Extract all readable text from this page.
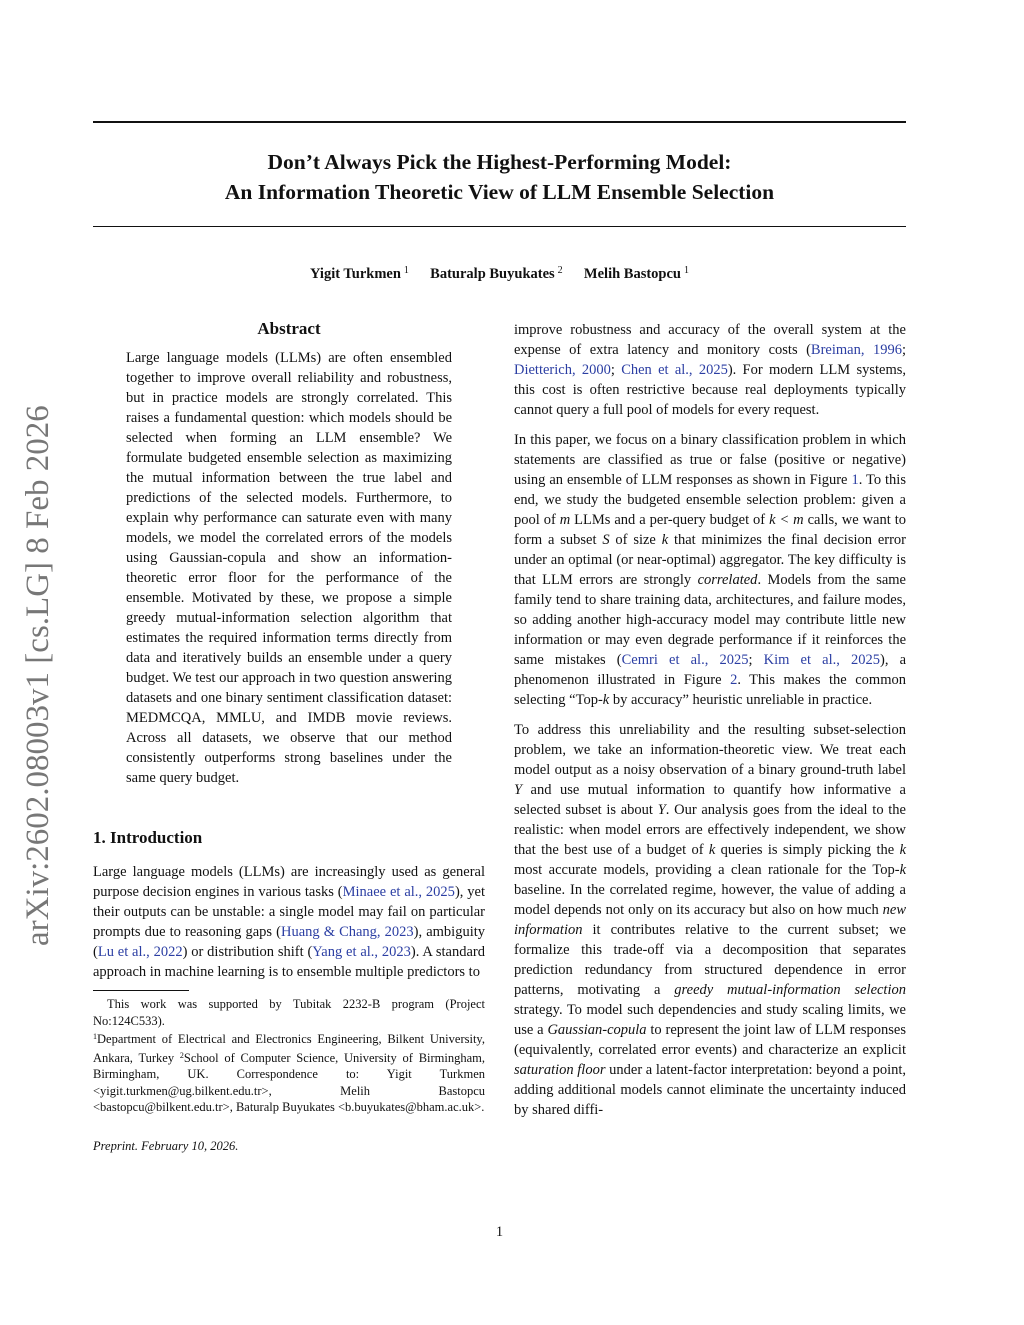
arXiv:2602.08003v1 [cs.LG] 8 Feb 2026
Don’t Always Pick the Highest-Performing Model:
An Information Theoretic View of LLM Ensemble Selection
Yigit Turkmen $^1$ Baturalp Buyukates $^2$ Melih Bastopcu $^1$
Abstract

Large language models (LLMs) are often ensembled together to improve overall reliability and robustness, but in practice models are strongly correlated. This raises a fundamental question: which models should be selected when forming an LLM ensemble? We formulate budgeted ensemble selection as maximizing the mutual information between the true label and predictions of the selected models. Furthermore, to explain why performance can saturate even with many models, we model the correlated errors of the models using Gaussian-copula and show an information-theoretic error floor for the performance of the ensemble. Motivated by these, we propose a simple greedy mutual-information selection algorithm that estimates the required information terms directly from data and iteratively builds an ensemble under a query budget. We test our approach in two question answering datasets and one binary sentiment classification dataset: MEDMCQA, MMLU, and IMDB movie reviews. Across all datasets, we observe that our method consistently outperforms strong baselines under the same query budget.

1. Introduction

Large language models (LLMs) are increasingly used as general purpose decision engines in various tasks (Minaee et al., 2025), yet their outputs can be unstable: a single model may fail on particular prompts due to reasoning gaps (Huang & Chang, 2023), ambiguity (Lu et al., 2022) or distribution shift (Yang et al., 2023). A standard approach in machine learning is to ensemble multiple predictors to

This work was supported by Tubitak 2232-B program (Project No:124C533).

$^1$Department of Electrical and Electronics Engineering, Bilkent University, Ankara, Turkey $^2$School of Computer Science, University of Birmingham, Birmingham, UK. Correspondence to: Yigit Turkmen <yigit.turkmen@ug.bilkent.edu.tr>, Melih Bastopcu <bastopcu@bilkent.edu.tr>, Baturalp Buyukates <b.buyukates@bham.ac.uk>.

Preprint. February 10, 2026.

improve robustness and accuracy of the overall system at the expense of extra latency and monitory costs (Breiman, 1996; Dietterich, 2000; Chen et al., 2025). For modern LLM systems, this cost is often restrictive because real deployments typically cannot query a full pool of models for every request.

In this paper, we focus on a binary classification problem in which statements are classified as true or false (positive or negative) using an ensemble of LLM responses as shown in Figure 1. To this end, we study the budgeted ensemble selection problem: given a pool of m LLMs and a per-query budget of k < m calls, we want to form a subset S of size k that minimizes the final decision error under an optimal (or near-optimal) aggregator. The key difficulty is that LLM errors are strongly correlated. Models from the same family tend to share training data, architectures, and failure modes, so adding another high-accuracy model may contribute little new information or may even degrade performance if it reinforces the same mistakes (Cemri et al., 2025; Kim et al., 2025), a phenomenon illustrated in Figure 2. This makes the common selecting “Top-k by accuracy” heuristic unreliable in practice.

To address this unreliability and the resulting subset-selection problem, we take an information-theoretic view. We treat each model output as a noisy observation of a binary ground-truth label Y and use mutual information to quantify how informative a selected subset is about Y. Our analysis goes from the ideal to the realistic: when model errors are effectively independent, we show that the best use of a budget of k queries is simply picking the k most accurate models, providing a clean rationale for the Top-k baseline. In the correlated regime, however, the value of adding a model depends not only on its accuracy but also on how much new information it contributes relative to the current subset; we formalize this trade-off via a decomposition that separates prediction redundancy from structured dependence in error patterns, motivating a greedy mutual-information selection strategy. To model such dependencies and study scaling limits, we use a Gaussian-copula to represent the joint law of LLM responses (equivalently, correlated error events) and characterize an explicit saturation floor under a latent-factor interpretation: beyond a point, adding additional models cannot eliminate the uncertainty induced by shared diffi-

1
